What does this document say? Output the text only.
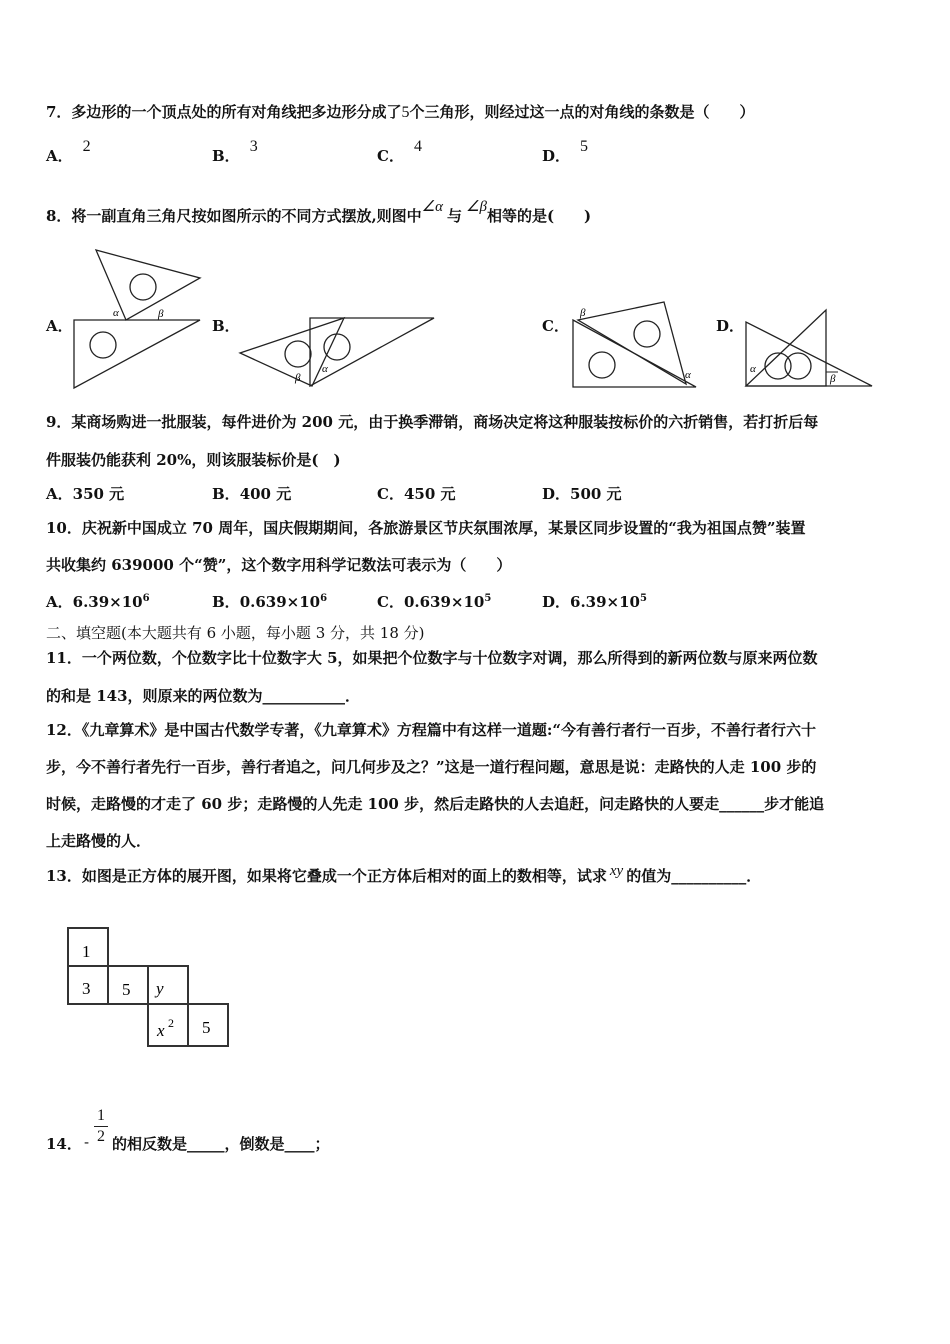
7．多边形的一个顶点处的所有对角线把多边形分成了5个三角形，则经过这一点的对角线的条数是（　　）
A．2
B．3
C．4
D．5
8．将一副直角三角尺按如图所示的不同方式摆放,则图中∠α 与 ∠β相等的是(　　)
A．	B．	C．	D．
α	β
β
α
β
α	α
β
9．某商场购进一批服装，每件进价为 200 元，由于换季滞销，商场决定将这种服装按标价的六折销售，若打折后每
件服装仍能获利 20%，则该服装标价是(　)
A．350 元	B．400 元	C．450 元	D．500 元
10．庆祝新中国成立 70 周年，国庆假期期间，各旅游景区节庆氛围浓厚，某景区同步设置的“我为祖国点赞”装置
共收集约 639000 个“赞”，这个数字用科学记数法可表示为（　　）
A．$6.39\times 10^6$	B．$0.639\times 10^6$	C．$0.639\times 10^5$	D．$6.39\times 10^5$
二、填空题(本大题共有 6 小题，每小题 3 分，共 18 分)
11．一个两位数，个位数字比十位数字大 5，如果把个位数字与十位数字对调，那么所得到的新两位数与原来两位数
的和是 143，则原来的两位数为___________．
12．《九章算术》是中国古代数学专著，《九章算术》方程篇中有这样一道题:“今有善行者行一百步，不善行者行六十
步，今不善行者先行一百步，善行者追之，问几何步及之？”这是一道行程问题，意思是说：走路快的人走 100 步的
时候，走路慢的才走了 60 步；走路慢的人先走 100 步，然后走路快的人去追赶，问走路快的人要走______步才能追
上走路慢的人．
13．如图是正方体的展开图，如果将它叠成一个正方体后相对的面上的数相等，试求 xy 的值为__________．
1
3 5 y
x 2 5
14． - $\frac{1}{2}$ 的相反数是_____，倒数是____；
